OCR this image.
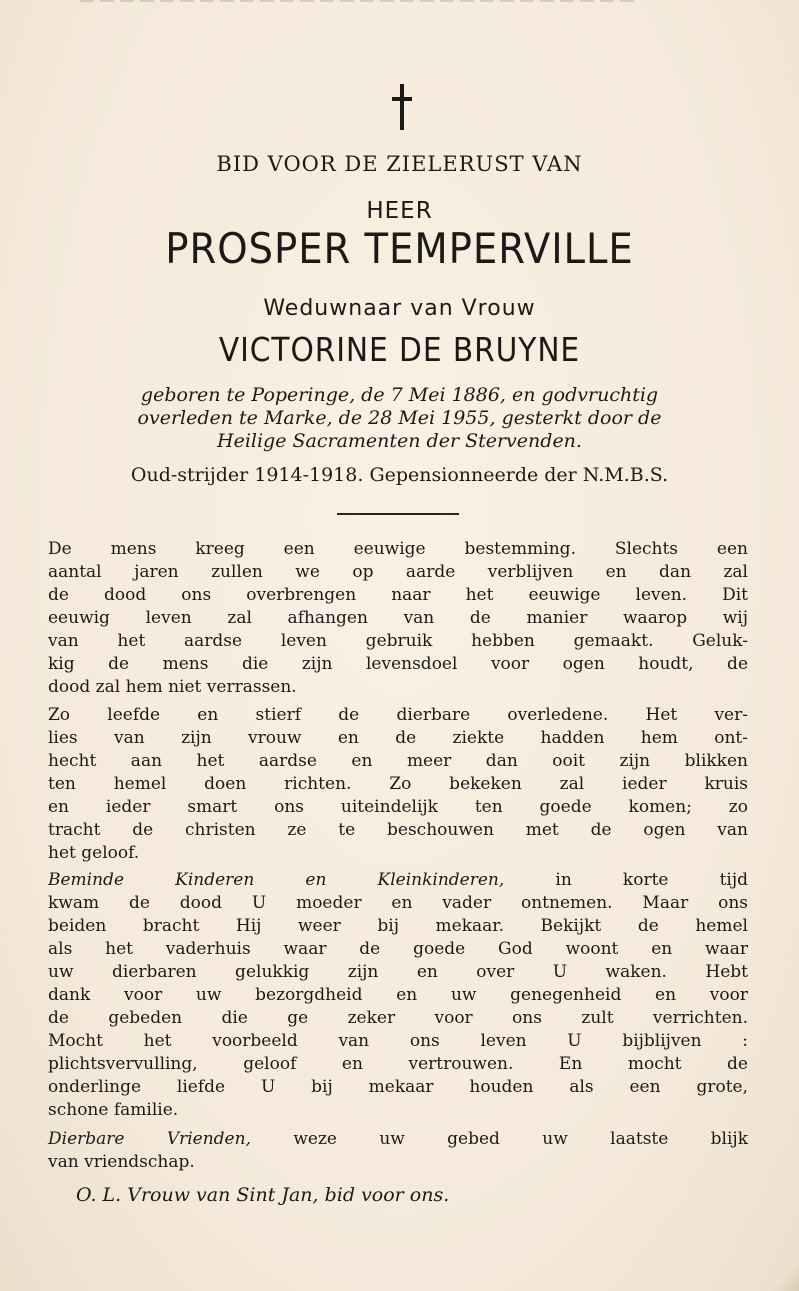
BID VOOR DE ZIELERUST VAN
HEER
PROSPER TEMPERVILLE
Weduwnaar van Vrouw
VICTORINE DE BRUYNE
geboren te Poperinge, de 7 Mei 1886, en godvruchtig
overleden te Marke, de 28 Mei 1955, gesterkt door de
Heilige Sacramenten der Stervenden.
Oud-strijder 1914-1918. Gepensionneerde der N.M.B.S.
De mens kreeg een eeuwige bestemming. Slechts een
aantal jaren zullen we op aarde verblijven en dan zal
de dood ons overbrengen naar het eeuwige leven. Dit
eeuwig leven zal afhangen van de manier waarop wij
van het aardse leven gebruik hebben gemaakt. Geluk-
kig de mens die zijn levensdoel voor ogen houdt, de
dood zal hem niet verrassen.
Zo leefde en stierf de dierbare overledene. Het ver-
lies van zijn vrouw en de ziekte hadden hem ont-
hecht aan het aardse en meer dan ooit zijn blikken
ten hemel doen richten. Zo bekeken zal ieder kruis
en ieder smart ons uiteindelijk ten goede komen; zo
tracht de christen ze te beschouwen met de ogen van
het geloof.
Beminde Kinderen en Kleinkinderen,	in korte tijd
kwam de dood U moeder en vader ontnemen. Maar ons
beiden bracht Hij weer bij mekaar. Bekijkt de hemel
als het vaderhuis waar de goede God woont en waar
uw dierbaren gelukkig zijn en over U waken. Hebt
dank voor uw bezorgdheid en uw genegenheid en voor
de gebeden die ge zeker voor ons zult verrichten.
Mocht het voorbeeld van ons leven U bijblijven :
plichtsvervulling, geloof en vertrouwen. En mocht de
onderlinge liefde U bij mekaar houden als een grote,
schone familie.
Dierbare Vrienden, weze uw gebed uw laatste blijk
van vriendschap.
O. L. Vrouw van Sint Jan, bid voor ons.
